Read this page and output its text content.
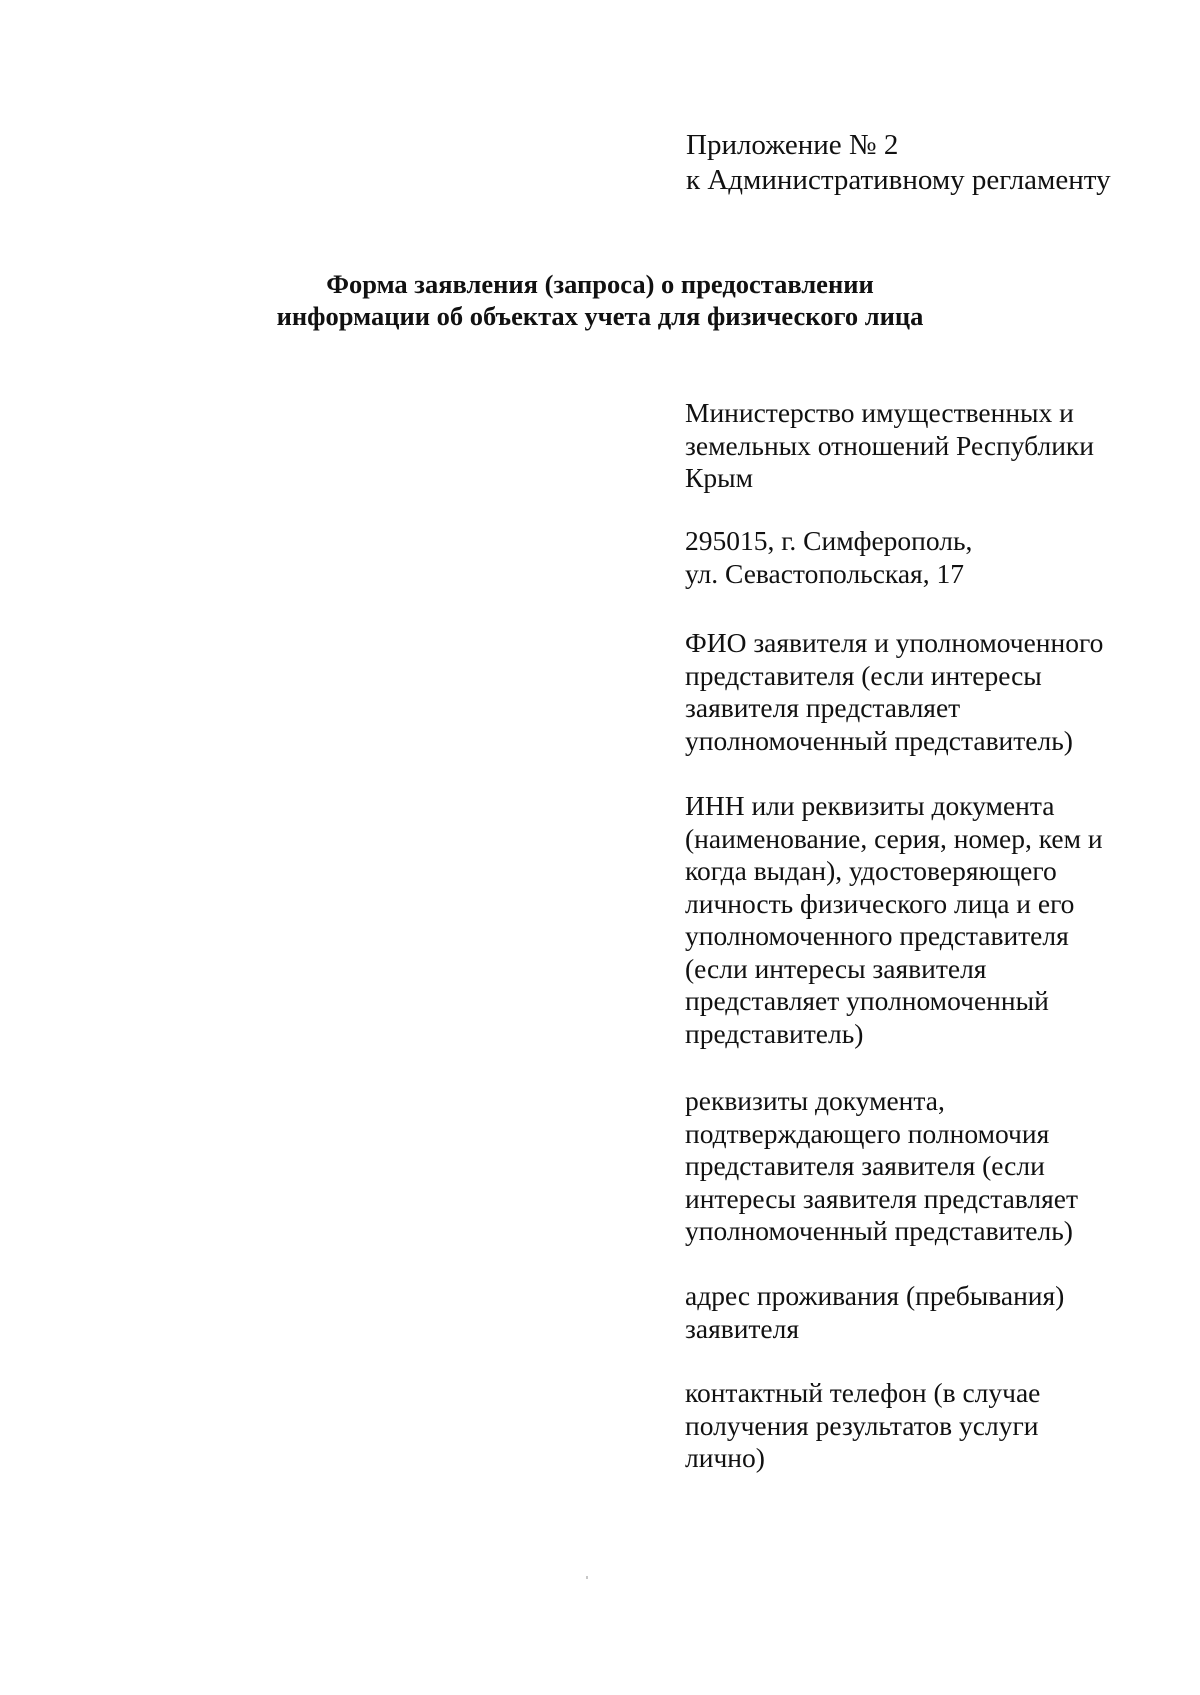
Приложение № 2
к Административному регламенту
Форма заявления (запроса) о предоставлении
информации об объектах учета для физического лица
Министерство имущественных и
земельных отношений Республики
Крым
295015, г. Симферополь,
ул. Севастопольская, 17
ФИО заявителя и уполномоченного
представителя (если интересы
заявителя представляет
уполномоченный представитель)
ИНН или реквизиты документа
(наименование, серия, номер, кем и
когда выдан), удостоверяющего
личность физического лица и его
уполномоченного представителя
(если интересы заявителя
представляет уполномоченный
представитель)
реквизиты документа,
подтверждающего полномочия
представителя заявителя (если
интересы заявителя представляет
уполномоченный представитель)
адрес проживания (пребывания)
заявителя
контактный телефон (в случае
получения результатов услуги
лично)
